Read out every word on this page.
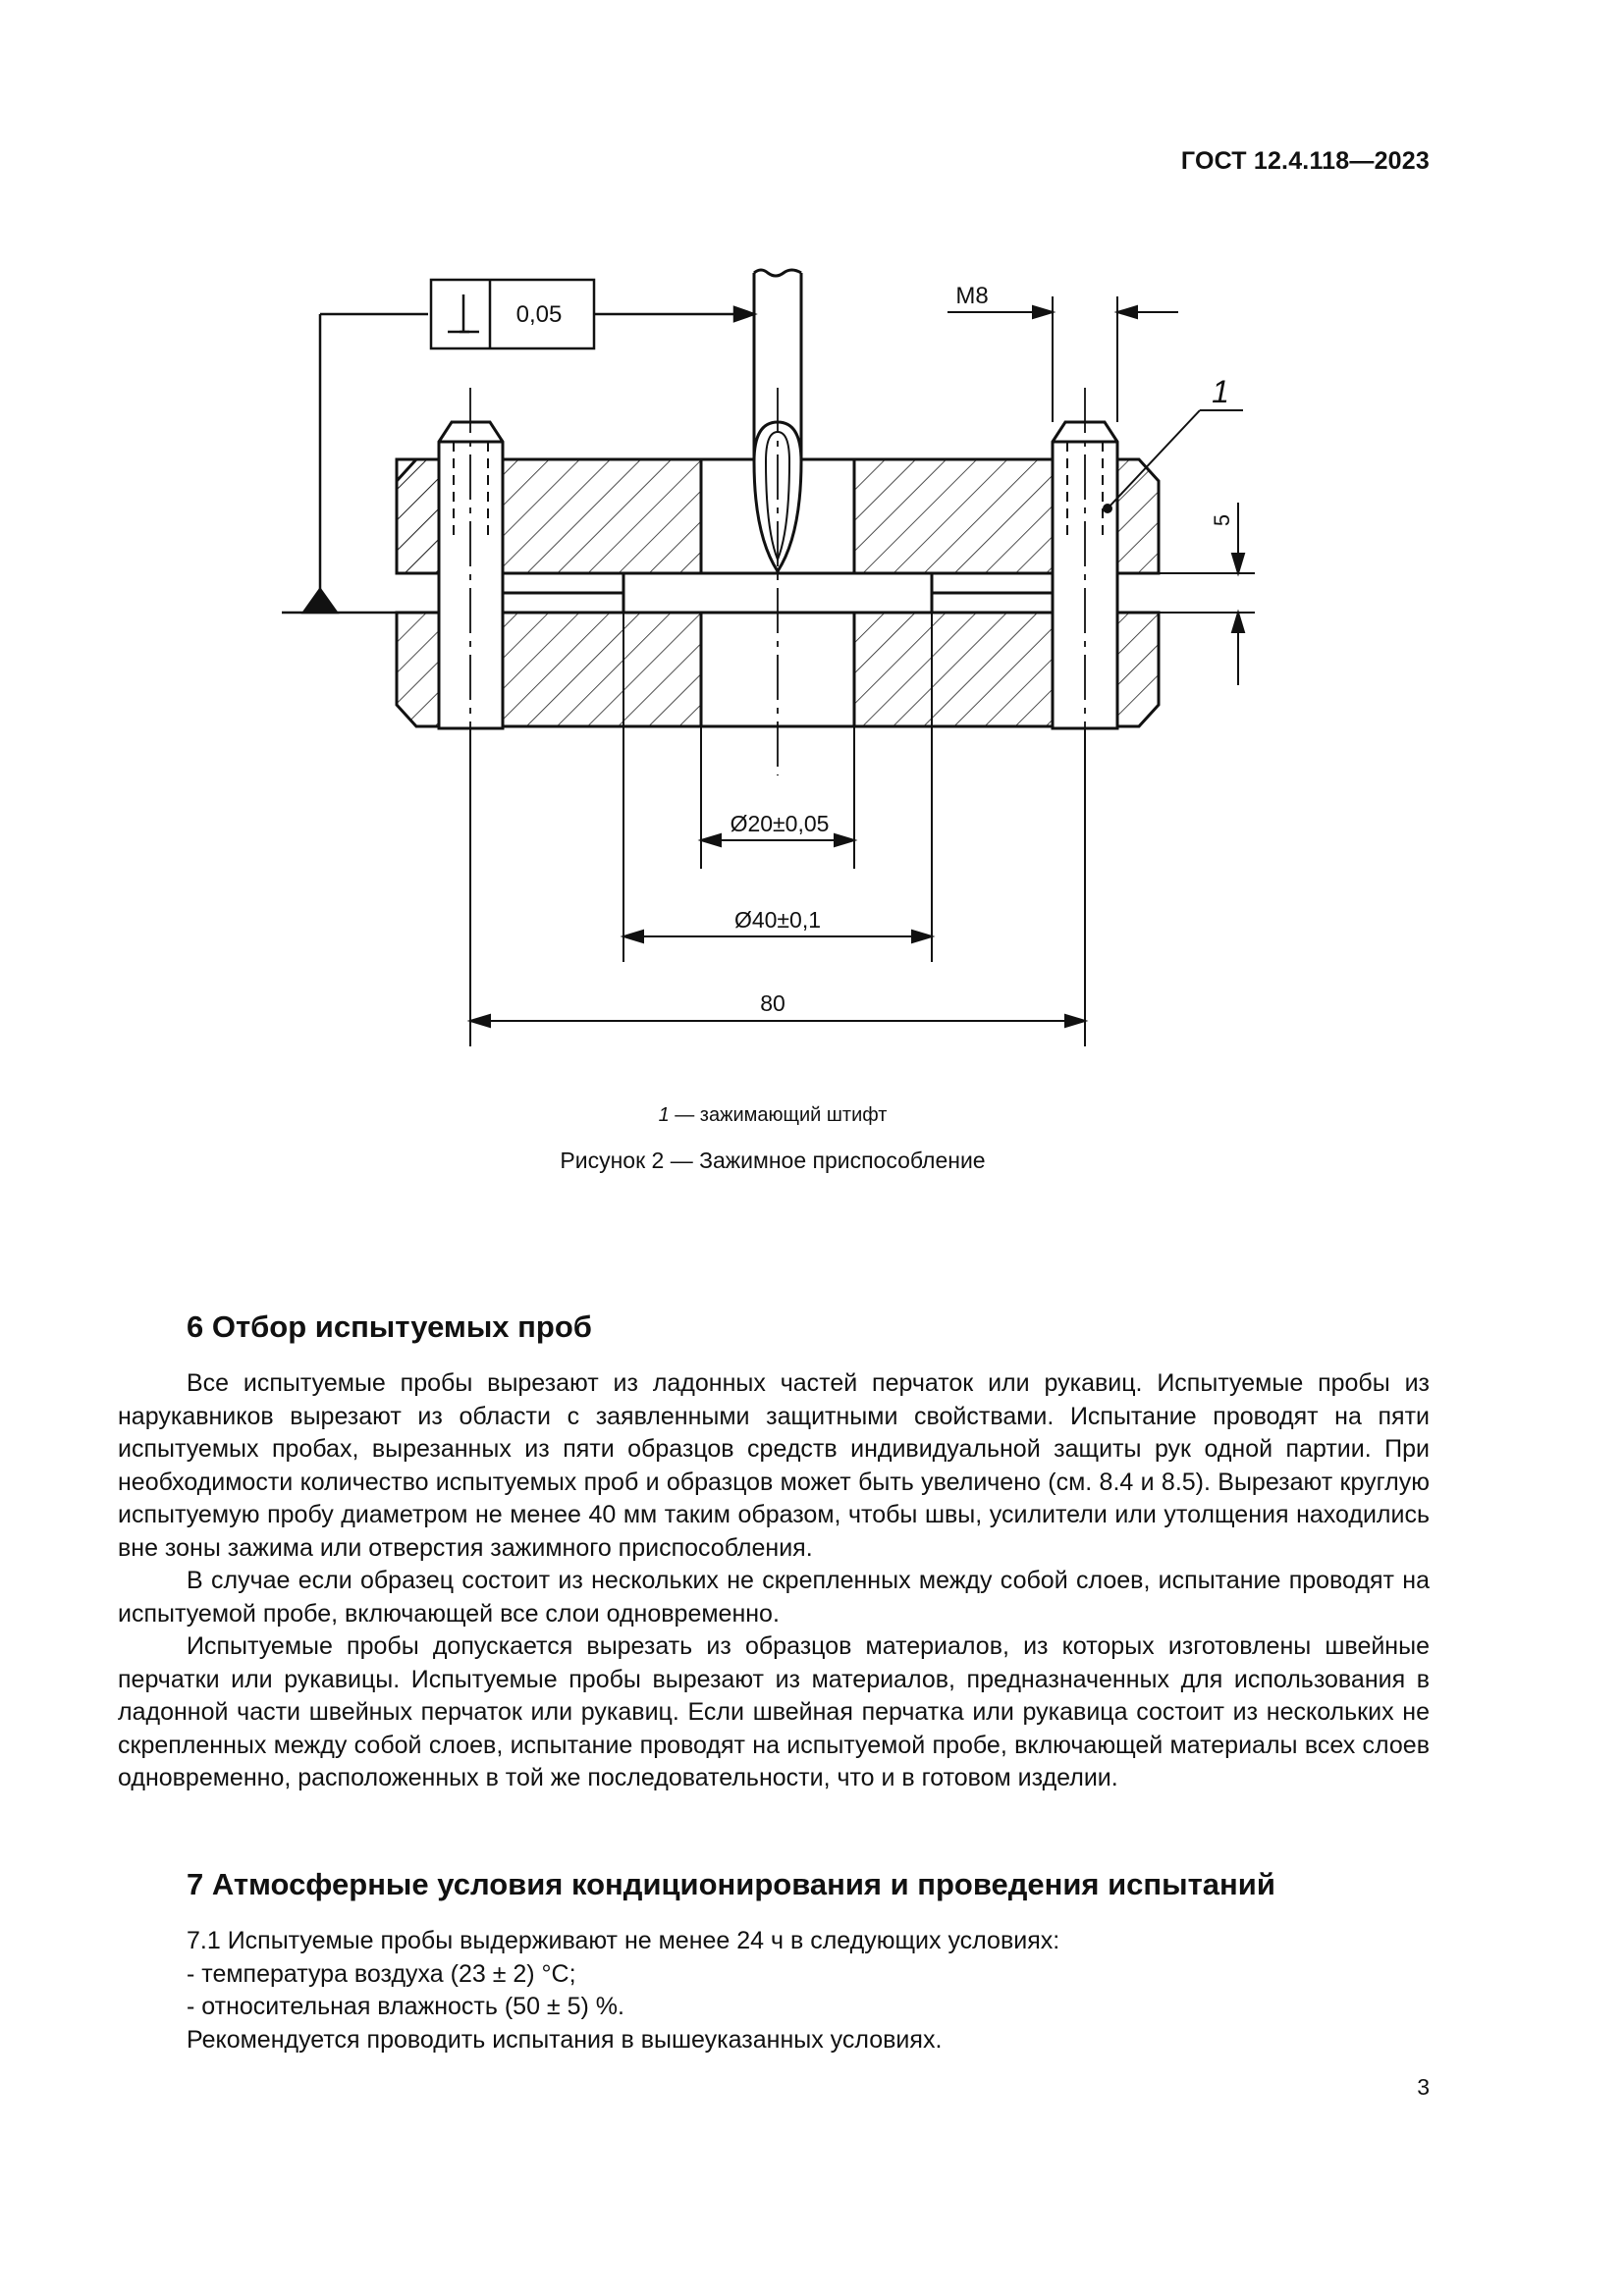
ГОСТ 12.4.118—2023
0,05
M8
1
5
Ø20±0,05
Ø40±0,1
80
1 — зажимающий штифт
Рисунок 2 — Зажимное приспособление
6 Отбор испытуемых проб

Все испытуемые пробы вырезают из ладонных частей перчаток или рукавиц. Испытуемые пробы из нарукавников вырезают из области с заявленными защитными свойствами. Испытание проводят на пяти испытуемых пробах, вырезанных из пяти образцов средств индивидуальной защиты рук одной партии. При необходимости количество испытуемых проб и образцов может быть увеличено (см. 8.4 и 8.5). Вырезают круглую испытуемую пробу диаметром не менее 40 мм таким образом, чтобы швы, усилители или утолщения находились вне зоны зажима или отверстия зажимного приспособления.

В случае если образец состоит из нескольких не скрепленных между собой слоев, испытание проводят на испытуемой пробе, включающей все слои одновременно.

Испытуемые пробы допускается вырезать из образцов материалов, из которых изготовлены швейные перчатки или рукавицы. Испытуемые пробы вырезают из материалов, предназначенных для использования в ладонной части швейных перчаток или рукавиц. Если швейная перчатка или рукавица состоит из нескольких не скрепленных между собой слоев, испытание проводят на испытуемой пробе, включающей материалы всех слоев одновременно, расположенных в той же последовательности, что и в готовом изделии.

7 Атмосферные условия кондиционирования и проведения испытаний
7.1 Испытуемые пробы выдерживают не менее 24 ч в следующих условиях:
- температура воздуха (23 ± 2) °С;
- относительная влажность (50 ± 5) %.
Рекомендуется проводить испытания в вышеуказанных условиях.
3
